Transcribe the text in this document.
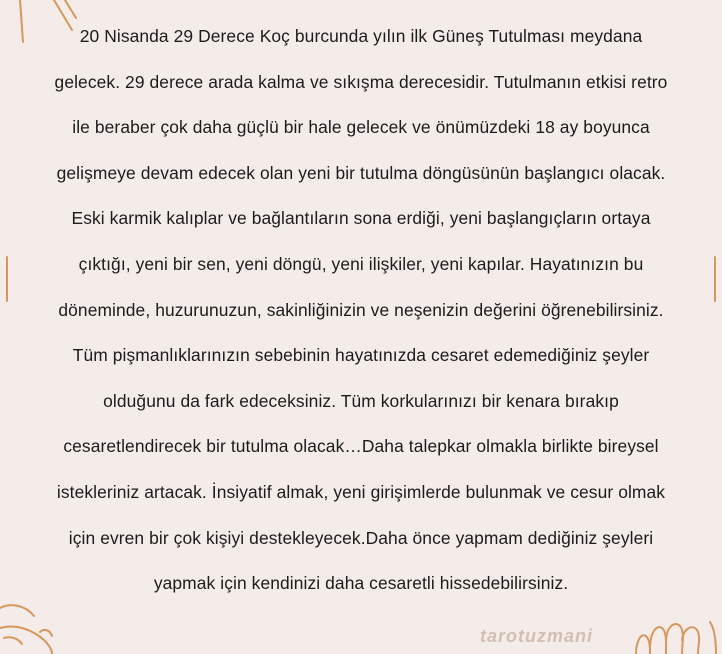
20 Nisanda 29 Derece Koç burcunda yılın ilk Güneş Tutulması meydana
gelecek. 29 derece arada kalma ve sıkışma derecesidir. Tutulmanın etkisi retro
ile beraber çok daha güçlü bir hale gelecek ve önümüzdeki 18 ay boyunca
gelişmeye devam edecek olan yeni bir tutulma döngüsünün başlangıcı olacak.
Eski karmik kalıplar ve bağlantıların sona erdiği, yeni başlangıçların ortaya
çıktığı, yeni bir sen, yeni döngü, yeni ilişkiler, yeni kapılar. Hayatınızın bu
döneminde, huzurunuzun, sakinliğinizin ve neşenizin değerini öğrenebilirsiniz.
Tüm pişmanlıklarınızın sebebinin hayatınızda cesaret edemediğiniz şeyler
olduğunu da fark edeceksiniz. Tüm korkularınızı bir kenara bırakıp
cesaretlendirecek bir tutulma olacak…Daha talepkar olmakla birlikte bireysel
istekleriniz artacak. İnsiyatif almak, yeni girişimlerde bulunmak ve cesur olmak
için evren bir çok kişiyi destekleyecek.Daha önce yapmam dediğiniz şeyleri
yapmak için kendinizi daha cesaretli hissedebilirsiniz.
tarotuzmani
